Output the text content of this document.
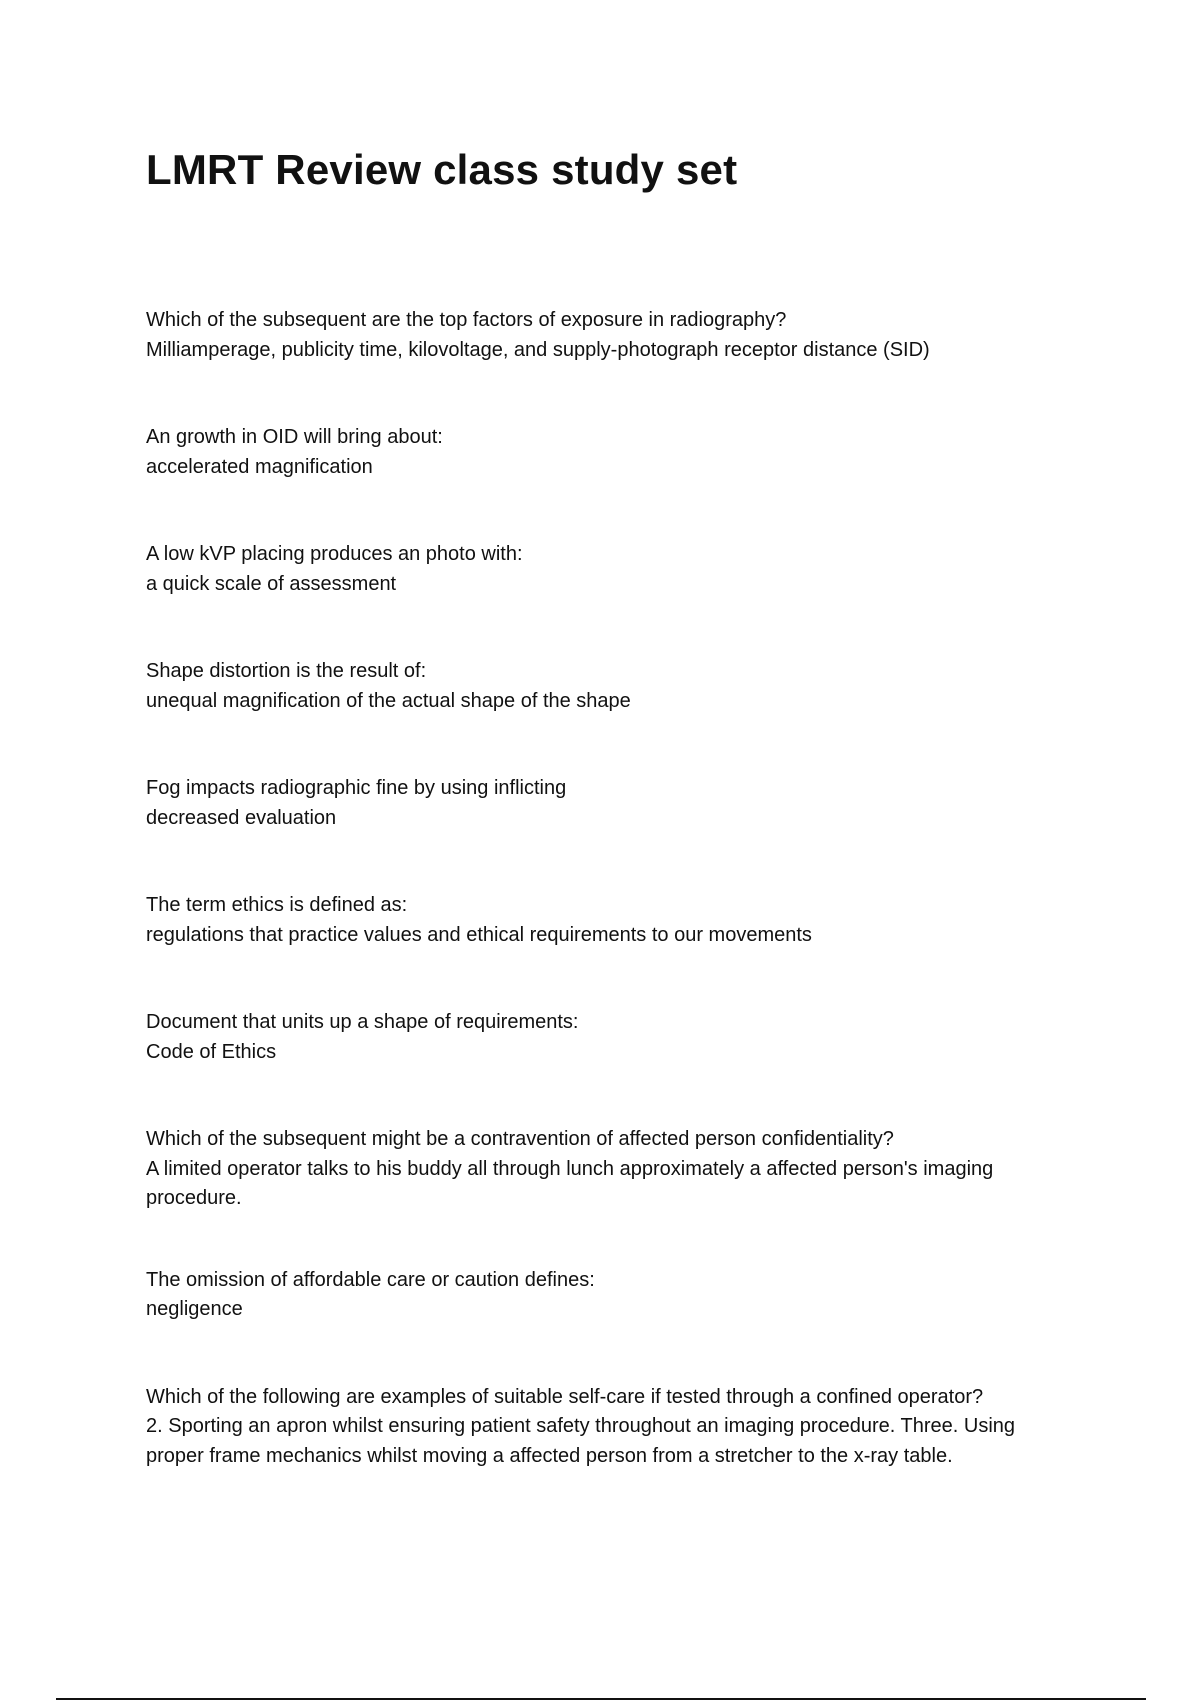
LMRT Review class study set
Which of the subsequent are the top factors of exposure in radiography?
Milliamperage, publicity time, kilovoltage, and supply-photograph receptor distance (SID)
An growth in OID will bring about:
accelerated magnification
A low kVP placing produces an photo with:
a quick scale of assessment
Shape distortion is the result of:
unequal magnification of the actual shape of the shape
Fog impacts radiographic fine by using inflicting
decreased evaluation
The term ethics is defined as:
regulations that practice values and ethical requirements to our movements
Document that units up a shape of requirements:
Code of Ethics
Which of the subsequent might be a contravention of affected person confidentiality?
A limited operator talks to his buddy all through lunch approximately a affected person's imaging procedure.
The omission of affordable care or caution defines:
negligence
Which of the following are examples of suitable self-care if tested through a confined operator?
2. Sporting an apron whilst ensuring patient safety throughout an imaging procedure. Three. Using proper frame mechanics whilst moving a affected person from a stretcher to the x-ray table.
